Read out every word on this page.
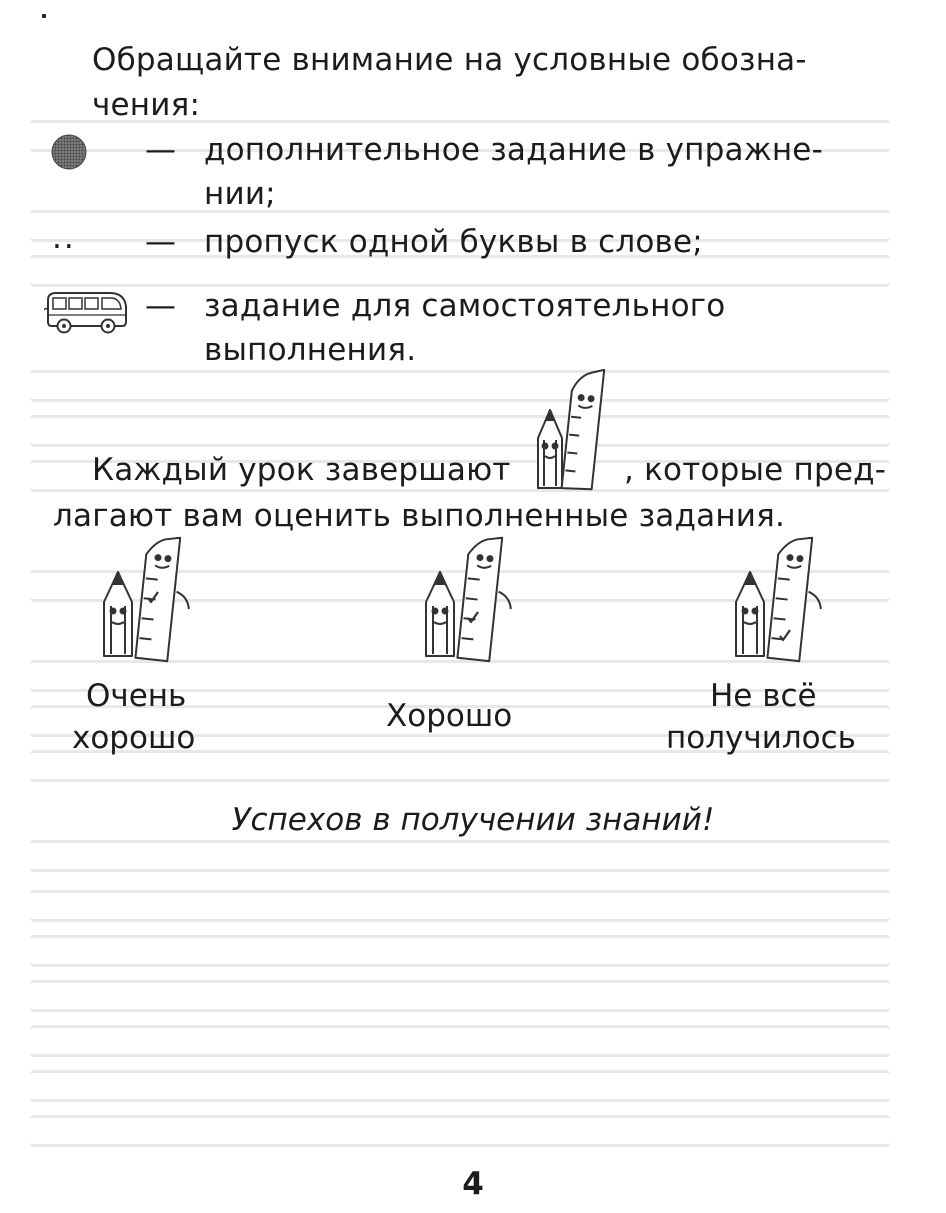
Обращайте внимание на условные обозна-

чения:

— дополнительное задание в упражне-
нии;
.. — пропуск одной буквы в слове;
— задание для самостоятельного
выполнения.
Каждый урок завершают	, которые пред-

лагают вам оценить выполненные задания.

Очень
хорошо
Хорошо
Не всё
получилось
Успехов в получении знаний!
4
